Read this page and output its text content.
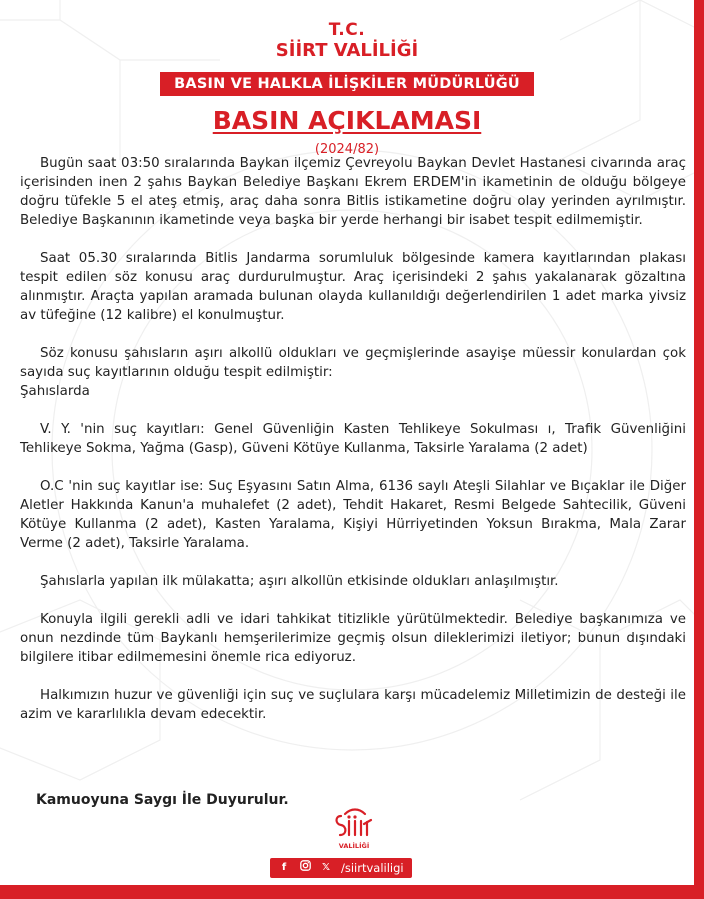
T.C.
SİİRT VALİLİĞİ
BASIN VE HALKLA İLİŞKİLER MÜDÜRLÜĞÜ
BASIN AÇIKLAMASI
(2024/82)

Bugün saat 03:50 sıralarında Baykan ilçemiz Çevreyolu Baykan Devlet Hastanesi civarında araç içerisinden inen 2 şahıs Baykan Belediye Başkanı Ekrem ERDEM'in ikametinin de olduğu bölgeye doğru tüfekle 5 el ateş etmiş, araç daha sonra Bitlis istikametine doğru olay yerinden ayrılmıştır. Belediye Başkanının ikametinde veya başka bir yerde herhangi bir isabet tespit edilmemiştir.

Saat 05.30 sıralarında Bitlis Jandarma sorumluluk bölgesinde kamera kayıtlarından plakası tespit edilen söz konusu araç durdurulmuştur. Araç içerisindeki 2 şahıs yakalanarak gözaltına alınmıştır. Araçta yapılan aramada bulunan olayda kullanıldığı değerlendirilen 1 adet marka yivsiz av tüfeğine (12 kalibre) el konulmuştur.

Söz konusu şahısların aşırı alkollü oldukları ve geçmişlerinde asayişe müessir konulardan çok sayıda suç kayıtlarının olduğu tespit edilmiştir:

Şahıslarda

V. Y. 'nin suç kayıtları: Genel Güvenliğin Kasten Tehlikeye Sokulması ı, Trafik Güvenliğini Tehlikeye Sokma, Yağma (Gasp), Güveni Kötüye Kullanma, Taksirle Yaralama (2 adet)

O.C 'nin suç kayıtlar ise: Suç Eşyasını Satın Alma, 6136 saylı Ateşli Silahlar ve Bıçaklar ile Diğer Aletler Hakkında Kanun'a muhalefet (2 adet), Tehdit Hakaret, Resmi Belgede Sahtecilik, Güveni Kötüye Kullanma (2 adet), Kasten Yaralama, Kişiyi Hürriyetinden Yoksun Bırakma, Mala Zarar Verme (2 adet), Taksirle Yaralama.

Şahıslarla yapılan ilk mülakatta; aşırı alkollün etkisinde oldukları anlaşılmıştır.

Konuyla ilgili gerekli adli ve idari tahkikat titizlikle yürütülmektedir. Belediye başkanımıza ve onun nezdinde tüm Baykanlı hemşerilerimize geçmiş olsun dileklerimizi iletiyor; bunun dışındaki bilgilere itibar edilmemesini önemle rica ediyoruz.

Halkımızın huzur ve güvenliği için suç ve suçlulara karşı mücadelemiz Milletimizin de desteği ile azim ve kararlılıkla devam edecektir.

Kamuoyuna Saygı İle Duyurulur.
VALİLİĞİ
f	𝕏 /siirtvaliligi
